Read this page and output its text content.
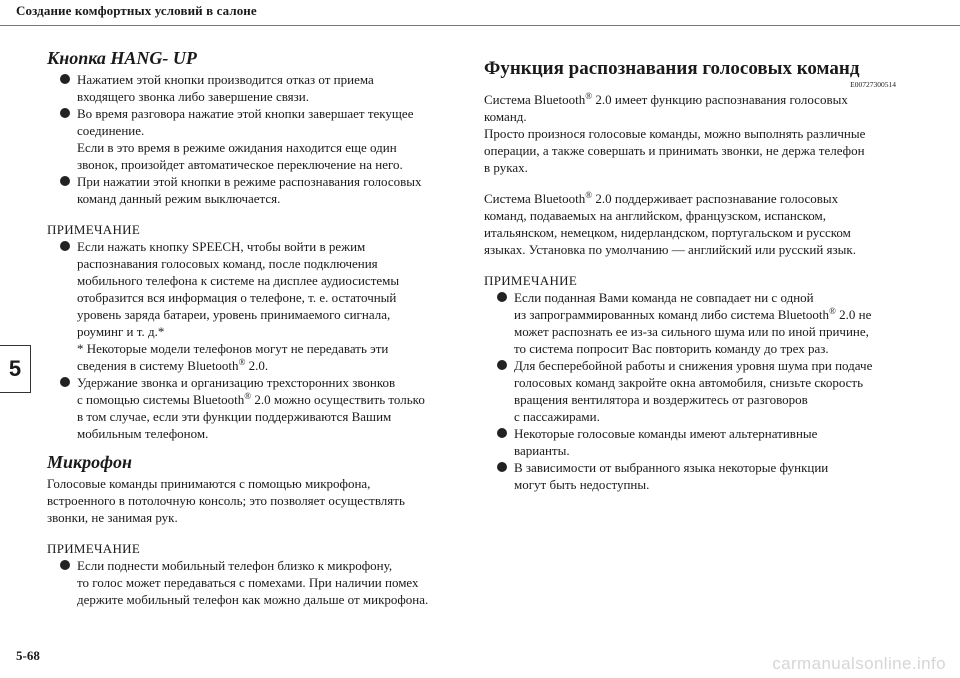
Создание комфортных условий в салоне
5
Кнопка HANG- UP
Нажатием этой кнопки производится отказ от приема
входящего звонка либо завершение связи.
Во время разговора нажатие этой кнопки завершает текущее
соединение.
Если в это время в режиме ожидания находится еще один
звонок, произойдет автоматическое переключение на него.
При нажатии этой кнопки в режиме распознавания голосовых
команд данный режим выключается.

ПРИМЕЧАНИЕ

Если нажать кнопку SPEECH, чтобы войти в режим
распознавания голосовых команд, после подключения
мобильного телефона к системе на дисплее аудиосистемы
отобразится вся информация о телефоне, т. е. остаточный
уровень заряда батареи, уровень принимаемого сигнала,
роуминг и т. д.*
* Некоторые модели телефонов могут не передавать эти
сведения в систему Bluetooth® 2.0.
Удержание звонка и организацию трехсторонних звонков
с помощью системы Bluetooth® 2.0 можно осуществить только
в том случае, если эти функции поддерживаются Вашим
мобильным телефоном.
Микрофон

Голосовые команды принимаются с помощью микрофона,
встроенного в потолочную консоль; это позволяет осуществлять
звонки, не занимая рук.

ПРИМЕЧАНИЕ

Если поднести мобильный телефон близко к микрофону,
то голос может передаваться с помехами. При наличии помех
держите мобильный телефон как можно дальше от микрофона.
Функция распознавания голосовых команд

E00727300514

Система Bluetooth® 2.0 имеет функцию распознавания голосовых
команд.
Просто произнося голосовые команды, можно выполнять различные
операции, а также совершать и принимать звонки, не держа телефон
в руках.

Система Bluetooth® 2.0 поддерживает распознавание голосовых
команд, подаваемых на английском, французском, испанском,
итальянском, немецком, нидерландском, португальском и русском
языках. Установка по умолчанию — английский или русский язык.

ПРИМЕЧАНИЕ

Если поданная Вами команда не совпадает ни с одной
из запрограммированных команд либо система Bluetooth® 2.0 не
может распознать ее из-за сильного шума или по иной причине,
то система попросит Вас повторить команду до трех раз.
Для бесперебойной работы и снижения уровня шума при подаче
голосовых команд закройте окна автомобиля, снизьте скорость
вращения вентилятора и воздержитесь от разговоров
с пассажирами.
Некоторые голосовые команды имеют альтернативные
варианты.
В зависимости от выбранного языка некоторые функции
могут быть недоступны.
5-68	carmanualsonline.info
